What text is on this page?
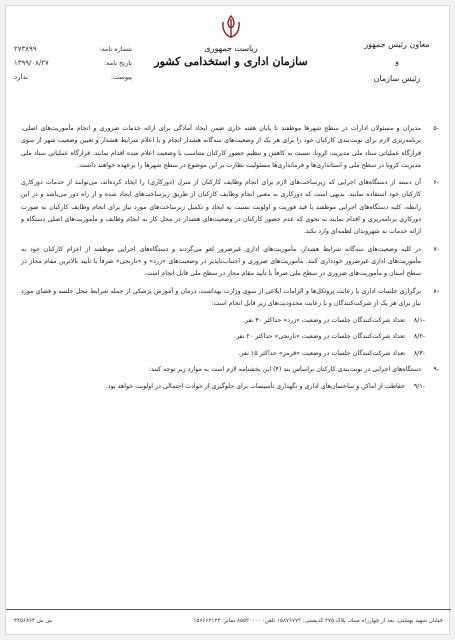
معاون رئیس جمهور
و
رئیس سازمان
ریاست جمهوری
سازمان اداری و استخدامی کشور
شماره نامه:
۲۷۳۸۹۹
تاریخ نامه:
۱۳۹۹/۰۸/۲۷
پیوست:
ندارد
-۵
مدیران و مسئولان ادارات در سطح شهرها موظفند تا پایان هفته جاری ضمن ایجاد آمادگی برای ارائه خدمات ضروری و انجام مأموریت‌های اصلی، برنامه‌ریزی لازم برای نوبت‌بندی کارکنان خود را برای هر یک از وضعیت‌های سه‌گانه هشدار انجام و با اعلام شرایط هشدار و تعیین وضعیت شهر از سوی قرارگاه عملیاتی ستاد ملی مدیریت کرونا، نسبت به کاهش و تنظیم حضور کارکنان متناسب با وضعیت اعلام شده اقدام نمایند. قرارگاه عملیاتی ستاد ملی مدیریت کرونا در سطح ملی و استانداری‌ها و فرمانداری‌ها مسئولیت نظارت بر این موضوع در سطح شهرها را برعهده خواهند داشت.
-۶
آن دسته از دستگاه‌های اجرایی که زیرساخت‌های لازم برای انجام وظایف کارکنان از منزل (دورکاری) را ایجاد کرده‌اند، می‌توانند از خدمات دورکاری کارکنان خود استفاده نمایند. بدیهی است که دورکاری به معنی انجام وظایف کارکنان از طریق زیرساخت‌های ایجاد شده و از راه دور می‌باشد و در این رابطه، کلیه دستگاه‌های اجرایی موظفند با قید فوریت و اولویت نسبت به ایجاد و تکمیل زیرساخت‌های مورد نیاز برای انجام وظایف کارکنان به صورت دورکاری برنامه‌ریزی و اقدام نمایند به نحوی که عدم حضور کارکنان در وضعیت‌های هشدار در محل کار به انجام وظایف و مأموریت‌های اصلی دستگاه و ارائه خدمات به شهروندان لطمه‌ای وارد نکند.
-۷
در کلیه وضعیت‌های سه‌گانه شرایط هشدار، مأموریت‌های اداری غیرضرور لغو می‌گردند و دستگاه‌های اجرایی موظفند از اعزام کارکنان خود به مأموریت‌های اداری غیرضرور خودداری کنند. مأموریت‌های ضروری و اجتناب‌ناپذیر در وضعیت‌های «زرد» و «نارنجی» صرفاً با تأیید بالاترین مقام مجاز در سطح استان و مأموریت‌های ضروری در سطح ملی صرفاً با تأیید مقام مجاز در سطح ملی قابل انجام است.
-۸
برگزاری جلسات اداری با رعایت پروتکل‌ها و الزامات ابلاغی از سوی وزارت بهداشت، درمان و آموزش پزشکی از جمله شرایط محل جلسه و فضای مورد نیاز برای هر یک از شرکت‌کنندگان و با رعایت محدودیت‌های زیر قابل انجام است:
-۸/۱
تعداد شرکت‌کنندگان جلسات در وضعیت «زرد» حداکثر ۳۰ نفر.
-۸/۲
تعداد شرکت‌کنندگان جلسات در وضعیت «نارنجی» حداکثر ۲۰ نفر.
-۸/۳
تعداد شرکت‌کنندگان جلسات در وضعیت «قرمز» حداکثر ۱۵ نفر.
-۹
دستگاه‌های اجرایی در نوبت‌بندی کارکنان براساس بند (۴) این بخشنامه لازم است به موارد زیر توجه کنند:
-۹/۱
حفاظت از اماکن و ساختمان‌های اداری و نگهداری تأسیسات برای جلوگیری از حوادث احتمالی در اولویت خواهد بود.
خیابان شهید بهشتی، بعد از چهارراه صیاد، پلاک ۳۷۵ کدپستی: ۱۵۸۷۶۷۷۳ تلفن: ۸۵۵۳۰۰۰۰ نمابر: ۱۵۷۶۶۲۱۲۳
ش ش ۴۴۵۶۸۶۴
